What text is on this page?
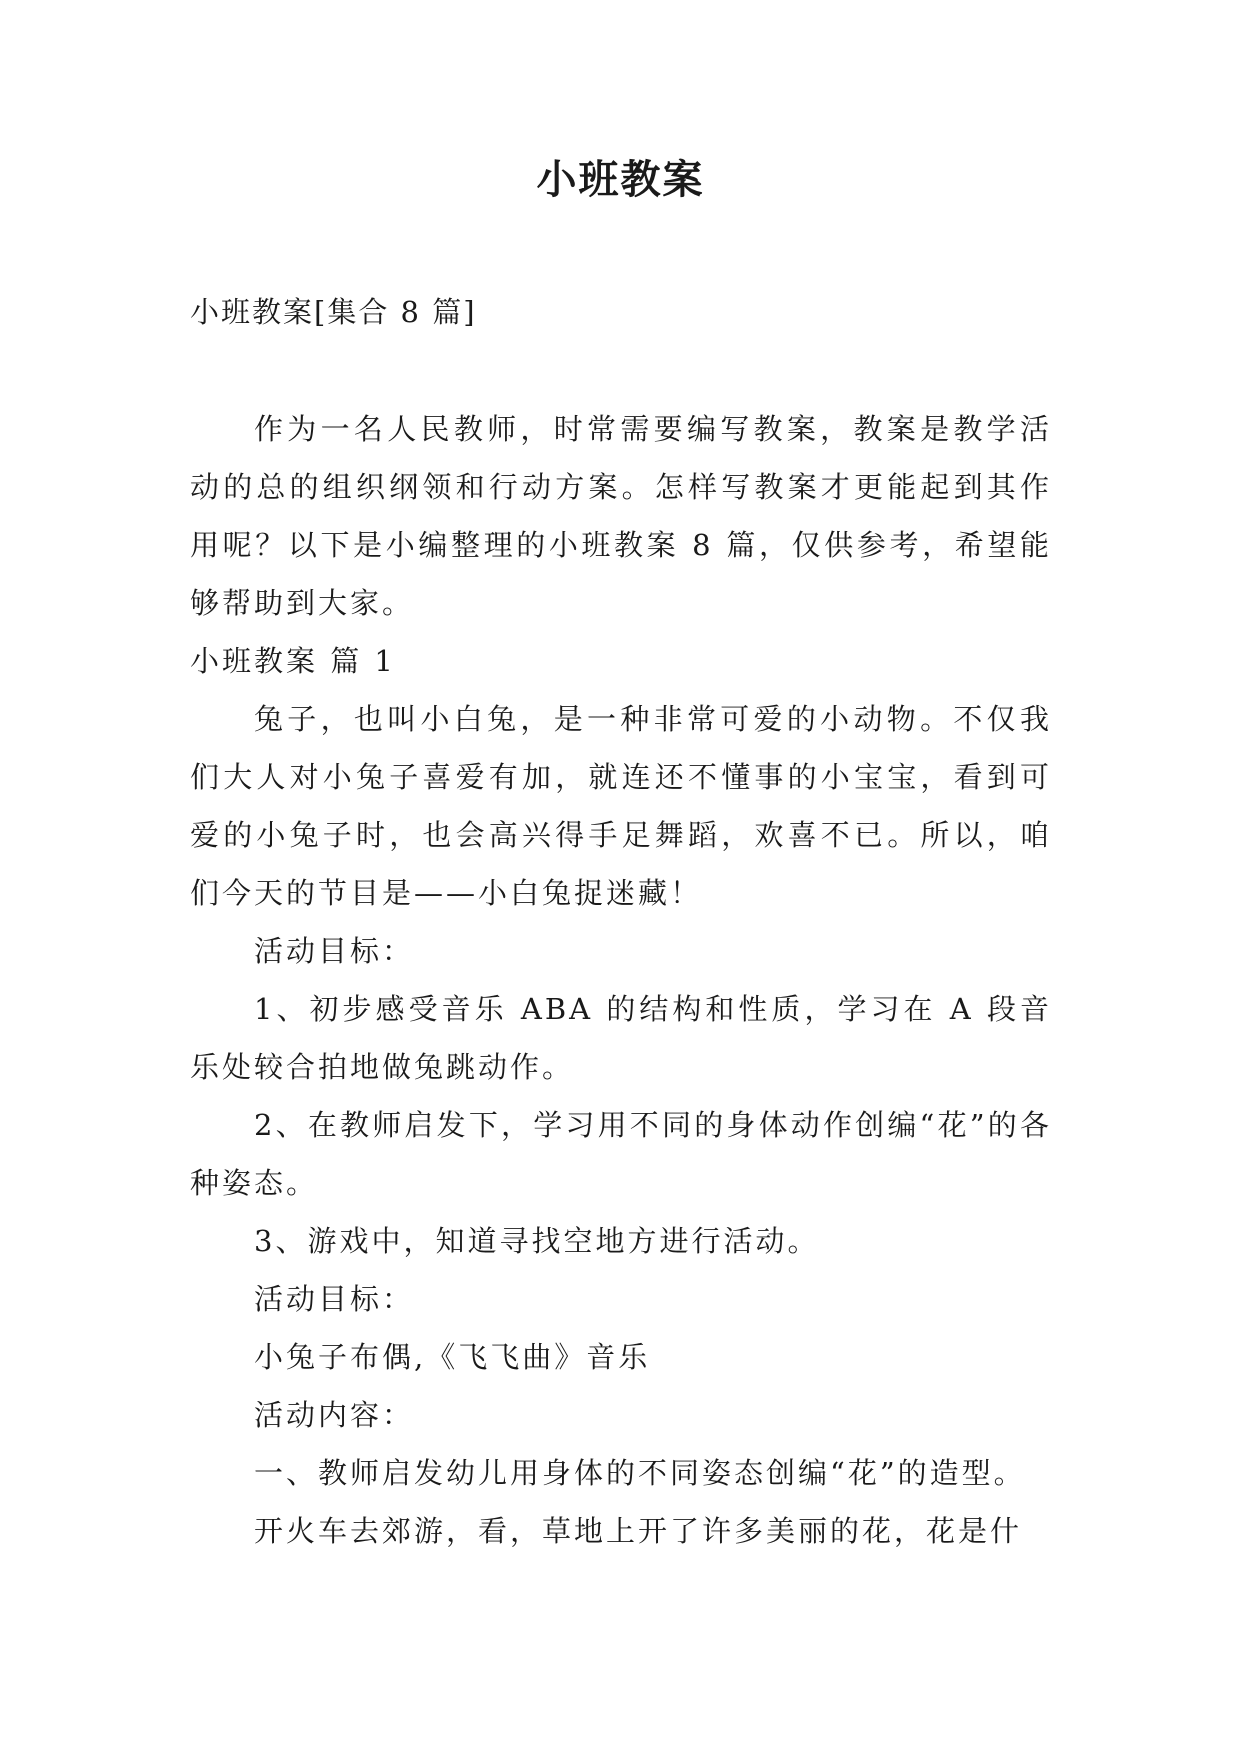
小班教案

小班教案[集合 8 篇]

作为一名人民教师，时常需要编写教案，教案是教学活动的总的组织纲领和行动方案。怎样写教案才更能起到其作用呢？以下是小编整理的小班教案 8 篇，仅供参考，希望能够帮助到大家。

小班教案 篇 1

兔子，也叫小白兔，是一种非常可爱的小动物。不仅我们大人对小兔子喜爱有加，就连还不懂事的小宝宝，看到可爱的小兔子时，也会高兴得手足舞蹈，欢喜不已。所以，咱们今天的节目是——小白兔捉迷藏！

活动目标：

1、初步感受音乐 ABA 的结构和性质，学习在 A 段音乐处较合拍地做兔跳动作。

2、在教师启发下，学习用不同的身体动作创编“花”的各种姿态。

3、游戏中，知道寻找空地方进行活动。

活动目标：

小兔子布偶,《飞飞曲》音乐

活动内容：

一、教师启发幼儿用身体的不同姿态创编“花”的造型。

开火车去郊游，看，草地上开了许多美丽的花，花是什
